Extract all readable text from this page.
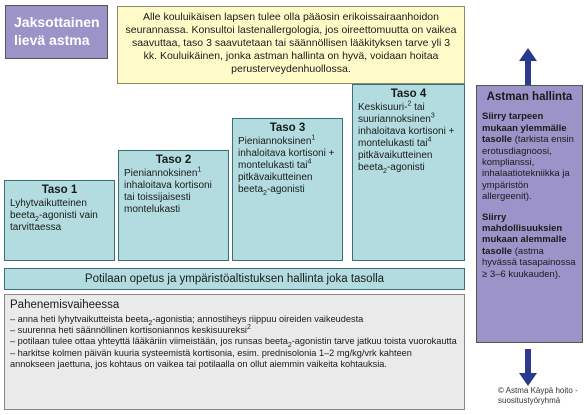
Jaksottainen lievä astma
Alle kouluikäisen lapsen tulee olla pääosin erikoissairaanhoidon seurannassa. Konsultoi lastenallergologia, jos oireettomuutta on vaikea saavuttaa, taso 3 saavutetaan tai säännöllisen lääkityksen tarve yli 3 kk. Kouluikäinen, jonka astman hallinta on hyvä, voidaan hoitaa perusterveydenhuollossa.
Taso 1
Lyhytvaikutteinen beeta$_2$-agonisti vain tarvittaessa
Taso 2
Pieniannoksinen$^1$ inhaloitava kortisoni tai toissijaisesti montelukasti
Taso 3
Pieniannoksinen$^1$ inhaloitava kortisoni + montelukasti tai$^4$ pitkävaikutteinen beeta$_2$-agonisti
Taso 4
Keskisuuri-$^2$ tai suuriannoksinen$^3$ inhaloitava kortisoni + montelukasti tai$^4$ pitkävaikutteinen beeta$_2$-agonisti
Astman hallinta
Siirry tarpeen mukaan ylemmälle tasolle (tarkista ensin erotusdiagnoosi, komplianssi, inhalaatiotekniikka ja ympäristön allergeenit).
Siirry mahdollisuuksien mukaan alemmalle tasolle (astma hyvässä tasapainossa ≥ 3–6 kuukauden).
Potilaan opetus ja ympäristöaltistuksen hallinta joka tasolla
Pahenemisvaiheessa
– anna heti lyhytvaikutteista beeta$_2$-agonistia; annostiheys riippuu oireiden vaikeudesta
– suurenna heti säännöllinen kortisoniannos keskisuureksi$^2$
– potilaan tulee ottaa yhteyttä lääkäriin viimeistään, jos runsas beeta$_2$-agonistin tarve jatkuu toista vuorokautta
– harkitse kolmen päivän kuuria systeemistä kortisonia, esim. prednisolonia 1–2 mg/kg/vrk kahteen annokseen jaettuna, jos kohtaus on vaikea tai potilaalla on ollut aiemmin vaikeita kohtauksia.
© Astma Käypä hoito -suositustyöryhmä
